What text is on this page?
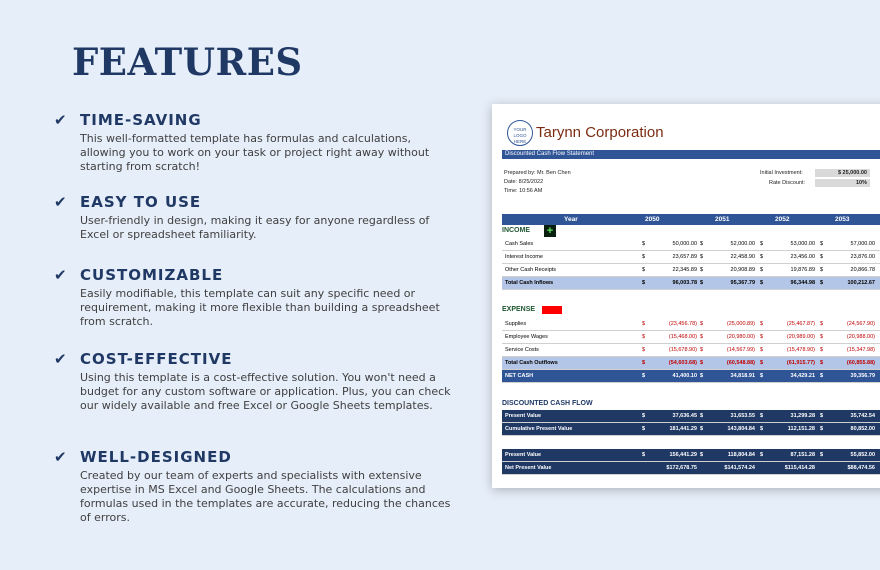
FEATURES
✔ TIME-SAVING
This well-formatted template has formulas and calculations, allowing you to work on your task or project right away without starting from scratch!
✔ EASY TO USE
User-friendly in design, making it easy for anyone regardless of Excel or spreadsheet familiarity.
✔ CUSTOMIZABLE
Easily modifiable, this template can suit any specific need or requirement, making it more flexible than building a spreadsheet from scratch.
✔ COST-EFFECTIVE
Using this template is a cost-effective solution. You won't need a budget for any custom software or application. Plus, you can check our widely available and free Excel or Google Sheets templates.
✔ WELL-DESIGNED
Created by our team of experts and specialists with extensive expertise in MS Excel and Google Sheets. The calculations and formulas used in the templates are accurate, reducing the chances of errors.
YOUR LOGO HERE
Tarynn Corporation
Discounted Cash Flow Statement
Prepared by: Mr. Ben Chen
Date: 8/25/2022
Time: 10:56 AM
Initial Investment:	$ 25,000.00
Rate Discount:	10%
Year	2050	2051	2052	2053
INCOME +
Cash Sales	$	50,000.00 $	52,000.00 $	53,000.00 $	57,000.00
Interest Income	$	23,657.89 $	22,458.90 $	23,456.00 $	23,876.00
Other Cash Receipts	$	22,345.89 $	20,908.89 $	19,876.89 $	20,866.78
Total Cash Inflows	$	96,003.78 $	95,367.79 $	96,344.98 $	100,212.67
Supplies	$	(23,456.78) $	(25,000.89) $	(25,467.87) $	(24,567.90)
Employee Wages	$	(15,468.00) $	(20,980.00) $	(20,989.00) $	(20,988.00)
Service Costs	$	(15,678.90) $	(14,567.99) $	(15,478.90) $	(15,347.98)
Total Cash Outflows	$	(54,603.68) $	(60,548.88) $	(61,915.77) $	(60,855.88)
NET CASH	$	41,400.10 $	34,818.91 $	34,429.21 $	39,356.79
Present Value	$	37,636.45 $	31,653.55 $	31,299.28 $	35,742.54
Cumulative Present Value	$	181,441.29 $	143,804.84 $	112,151.28 $	80,852.00
Present Value	$	156,441.29 $	118,804.84 $	87,151.28 $	55,852.00
Net Present Value	$172,678.75	$141,574.24	$115,414.28	$88,474.56
EXPENSE
DISCOUNTED CASH FLOW
